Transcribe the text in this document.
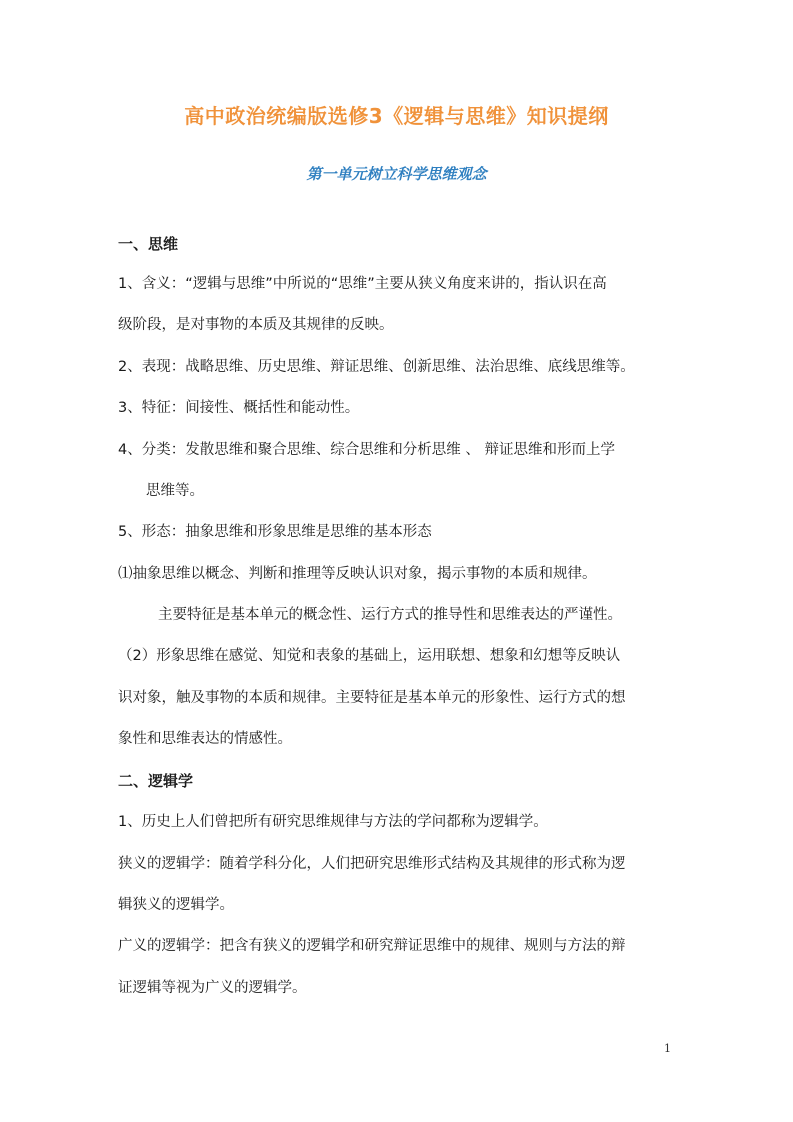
高中政治统编版选修3《逻辑与思维》知识提纲
第一单元树立科学思维观念
一、思维
1、含义：“逻辑与思维”中所说的“思维”主要从狭义角度来讲的，指认识在高
级阶段，是对事物的本质及其规律的反映。
2、表现：战略思维、历史思维、辩证思维、创新思维、法治思维、底线思维等。
3、特征：间接性、概括性和能动性。
4、分类：发散思维和聚合思维、综合思维和分析思维 、 辩证思维和形而上学
思维等。
5、形态：抽象思维和形象思维是思维的基本形态
⑴抽象思维以概念、判断和推理等反映认识对象，揭示事物的本质和规律。
主要特征是基本单元的概念性、运行方式的推导性和思维表达的严谨性。
（2）形象思维在感觉、知觉和表象的基础上，运用联想、想象和幻想等反映认
识对象，触及事物的本质和规律。主要特征是基本单元的形象性、运行方式的想
象性和思维表达的情感性。
二、逻辑学
1、历史上人们曾把所有研究思维规律与方法的学问都称为逻辑学。
狭义的逻辑学：随着学科分化，人们把研究思维形式结构及其规律的形式称为逻
辑狭义的逻辑学。
广义的逻辑学：把含有狭义的逻辑学和研究辩证思维中的规律、规则与方法的辩
证逻辑等视为广义的逻辑学。
1
